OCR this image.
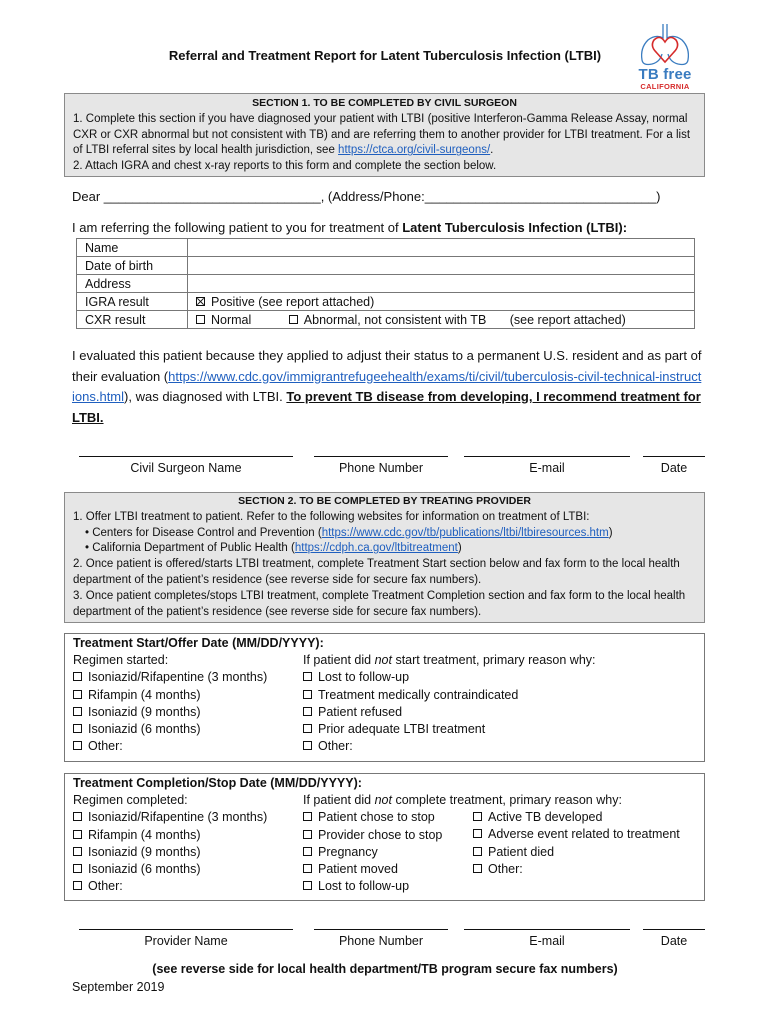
Referral and Treatment Report for Latent Tuberculosis Infection (LTBI)
TB free
CALIFORNIA
SECTION 1. TO BE COMPLETED BY CIVIL SURGEON
1. Complete this section if you have diagnosed your patient with LTBI (positive Interferon-Gamma Release Assay, normal
CXR or CXR abnormal but not consistent with TB) and are referring them to another provider for LTBI treatment. For a list
of LTBI referral sites by local health jurisdiction, see https://ctca.org/civil-surgeons/.
2. Attach IGRA and chest x-ray reports to this form and complete the section below.
Dear ______________________________, (Address/Phone:________________________________)
I am referring the following patient to you for treatment of Latent Tuberculosis Infection (LTBI):
Name	
Date of birth	
Address	
IGRA result	Positive (see report attached)
CXR result	Normal Abnormal, not consistent with TB (see report attached)
I evaluated this patient because they applied to adjust their status to a permanent U.S. resident and as part of their evaluation (https://www.cdc.gov/immigrantrefugeehealth/exams/ti/civil/tuberculosis-civil-technical-instructions.html), was diagnosed with LTBI. To prevent TB disease from developing, I recommend treatment for LTBI.
Civil Surgeon Name	Phone Number	E-mail	Date
SECTION 2. TO BE COMPLETED BY TREATING PROVIDER
1. Offer LTBI treatment to patient. Refer to the following websites for information on treatment of LTBI:
• Centers for Disease Control and Prevention (https://www.cdc.gov/tb/publications/ltbi/ltbiresources.htm)
• California Department of Public Health (https://cdph.ca.gov/ltbitreatment)
2. Once patient is offered/starts LTBI treatment, complete Treatment Start section below and fax form to the local health
department of the patient’s residence (see reverse side for secure fax numbers).
3. Once patient completes/stops LTBI treatment, complete Treatment Completion section and fax form to the local health
department of the patient’s residence (see reverse side for secure fax numbers).
Treatment Start/Offer Date (MM/DD/YYYY):
Regimen started:
Isoniazid/Rifapentine (3 months)
Rifampin (4 months)
Isoniazid (9 months)
Isoniazid (6 months)
Other:
If patient did not start treatment, primary reason why:
Lost to follow-up
Treatment medically contraindicated
Patient refused
Prior adequate LTBI treatment
Other:
Treatment Completion/Stop Date (MM/DD/YYYY):
Regimen completed:
Isoniazid/Rifapentine (3 months)
Rifampin (4 months)
Isoniazid (9 months)
Isoniazid (6 months)
Other:
If patient did not complete treatment, primary reason why:
Patient chose to stop
Provider chose to stop
Pregnancy
Patient moved
Lost to follow-up
Active TB developed
Adverse event related to treatment
Patient died
Other:
Provider Name	Phone Number	E-mail	Date
(see reverse side for local health department/TB program secure fax numbers)
September 2019
